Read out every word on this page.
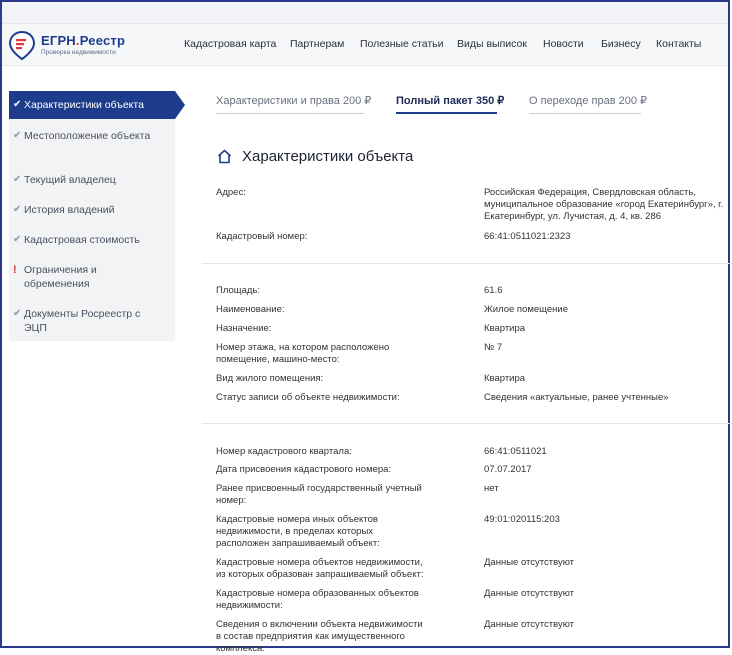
ЕГРН.Реестр
Проверка недвижимости
Кадастровая карта Партнерам Полезные статьи Виды выписок Новости Бизнесу Контакты
✔ Характеристики объекта
✔ Местоположение объекта
✔ Текущий владелец
✔ История владений
✔ Кадастровая стоимость
! Ограничения и обременения
✔ Документы Росреестр с ЭЦП
Характеристики и права 200 ₽ Полный пакет 350 ₽ О переходе прав 200 ₽
Характеристики объекта
Адрес:	Российская Федерация, Свердловская область, муниципальное образование «город Екатеринбург», г. Екатеринбург, ул. Лучистая, д. 4, кв. 286
Кадастровый номер:	66:41:0511021:2323
Площадь:	61.6
Наименование:	Жилое помещение
Назначение:	Квартира
Номер этажа, на котором расположено помещение, машино-место:
№ 7
Вид жилого помещения:	Квартира
Статус записи об объекте недвижимости:	Сведения «актуальные, ранее учтенные»
Номер кадастрового квартала:	66:41:0511021
Дата присвоения кадастрового номера:	07.07.2017
Ранее присвоенный государственный учетный номер:
нет
Кадастровые номера иных объектов недвижимости, в пределах которых расположен запрашиваемый объект:
49:01:020115:203
Кадастровые номера объектов недвижимости, из которых образован запрашиваемый объект:
Данные отсутствуют
Кадастровые номера образованных объектов недвижимости:
Данные отсутствуют
Сведения о включении объекта недвижимости в состав предприятия как имущественного комплекса:
Данные отсутствуют
